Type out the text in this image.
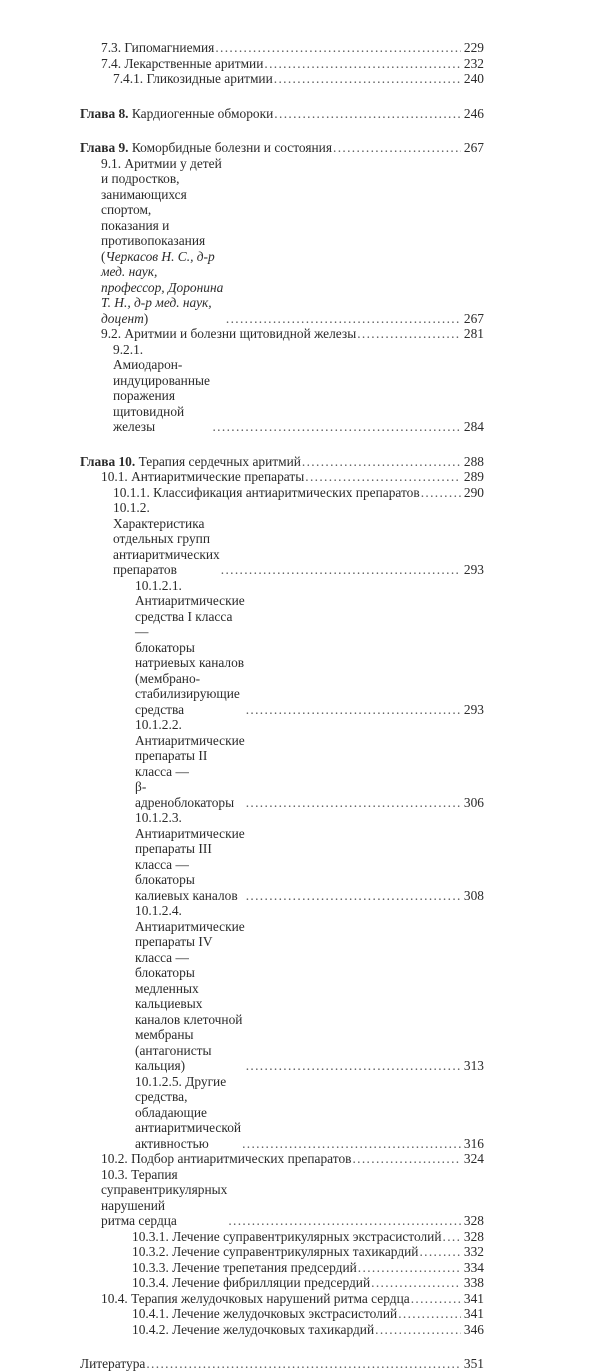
7.3. Гипомагниемия . . .	229
7.4. Лекарственные аритмии . . .	232
7.4.1. Гликозидные аритмии . . .	240
Глава 8. Кардиогенные обмороки . . .	246
Глава 9. Коморбидные болезни и состояния . . .	267
9.1. Аритмии у детей и подростков, занимающихся спортом,
показания и противопоказания (Черкасов Н. С., д-р мед. наук,
профессор, Доронина Т. Н., д-р мед. наук, доцент) . . .	267
9.2. Аритмии и болезни щитовидной железы . . .	281
9.2.1. Амиодарон-индуцированные поражения
щитовидной железы . . .	284
Глава 10. Терапия сердечных аритмий . . .	288
10.1. Антиаритмические препараты . . .	289
10.1.1. Классификация антиаритмических препаратов . . .	290
10.1.2. Характеристика отдельных групп
антиаритмических препаратов . . .	293
10.1.2.1. Антиаритмические средства I класса —
блокаторы натриевых каналов (мембрано-
стабилизирующие средства . . .	293
10.1.2.2. Антиаритмические препараты II класса —
β-адреноблокаторы . . .	306
10.1.2.3. Антиаритмические препараты III класса —
блокаторы калиевых каналов . . .	308
10.1.2.4. Антиаритмические препараты IV класса —
блокаторы медленных кальциевых каналов клеточной
мембраны (антагонисты кальция) . . .	313
10.1.2.5. Другие средства, обладающие
антиаритмической активностью . . .	316
10.2. Подбор антиаритмических препаратов . . .	324
10.3. Терапия суправентрикулярных нарушений
ритма сердца . . .	328
10.3.1. Лечение суправентрикулярных экстрасистолий . . . 328
10.3.2. Лечение суправентрикулярных тахикардий . . .	332
10.3.3. Лечение трепетания предсердий . . .	334
10.3.4. Лечение фибрилляции предсердий . . .	338
10.4. Терапия желудочковых нарушений ритма сердца . . .	341
10.4.1. Лечение желудочковых экстрасистолий . . .	341
10.4.2. Лечение желудочковых тахикардий . . .	346
Литература . . .	351
